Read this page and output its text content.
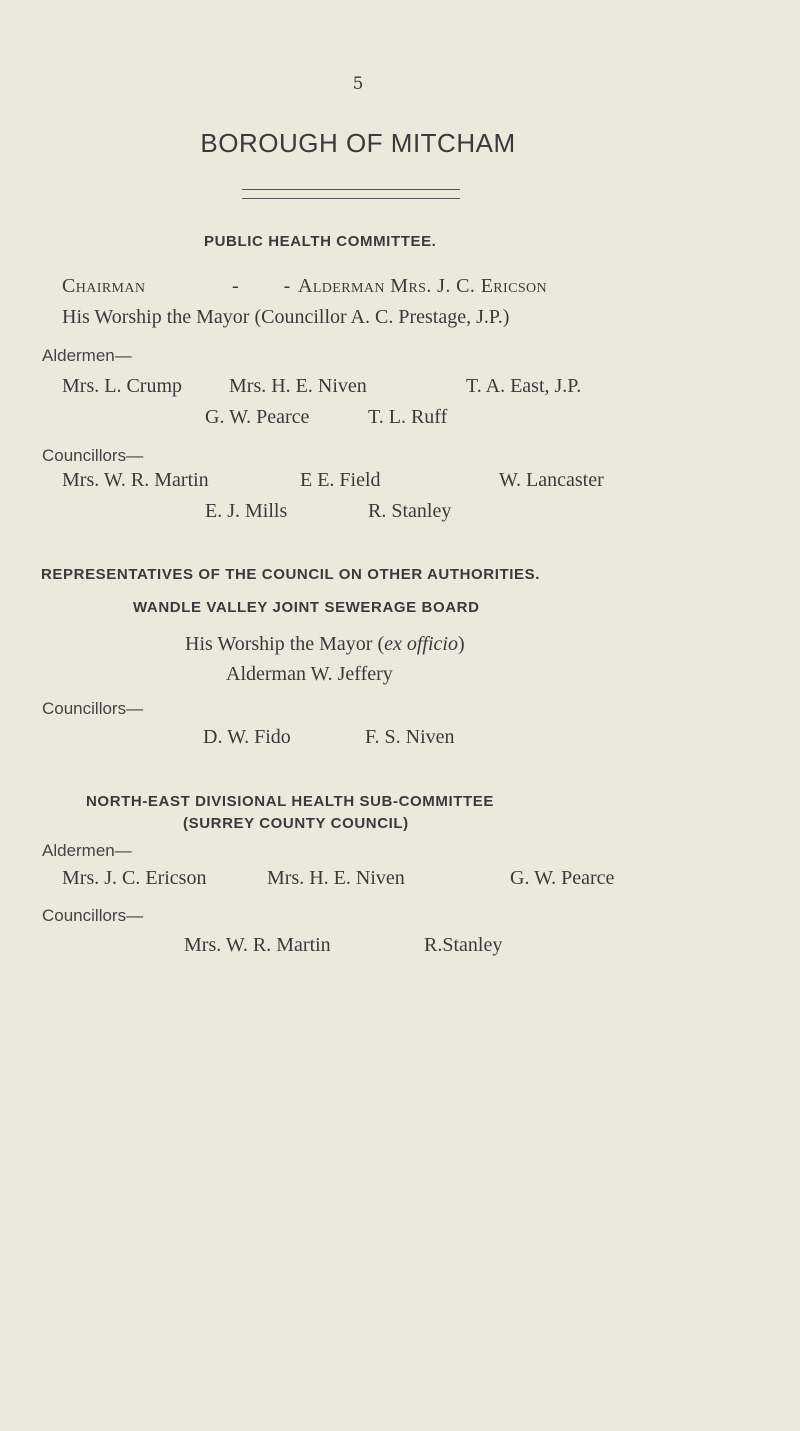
5
BOROUGH OF MITCHAM
PUBLIC HEALTH COMMITTEE.
Chairman	- - Alderman Mrs. J. C. Ericson
His Worship the Mayor (Councillor A. C. Prestage, J.P.)
Aldermen—
Mrs. L. Crump Mrs. H. E. Niven	T. A. East, J.P.
G. W. Pearce	T. L. Ruff
Councillors—
Mrs. W. R. Martin	E E. Field	W. Lancaster
E. J. Mills	R. Stanley
REPRESENTATIVES OF THE COUNCIL ON OTHER AUTHORITIES.
WANDLE VALLEY JOINT SEWERAGE BOARD
His Worship the Mayor (ex officio)
Alderman W. Jeffery
Councillors—
D. W. Fido	F. S. Niven
NORTH-EAST DIVISIONAL HEALTH SUB-COMMITTEE
(SURREY COUNTY COUNCIL)
Aldermen—
Mrs. J. C. Ericson	Mrs. H. E. Niven	G. W. Pearce
Councillors—
Mrs. W. R. Martin	R.Stanley
